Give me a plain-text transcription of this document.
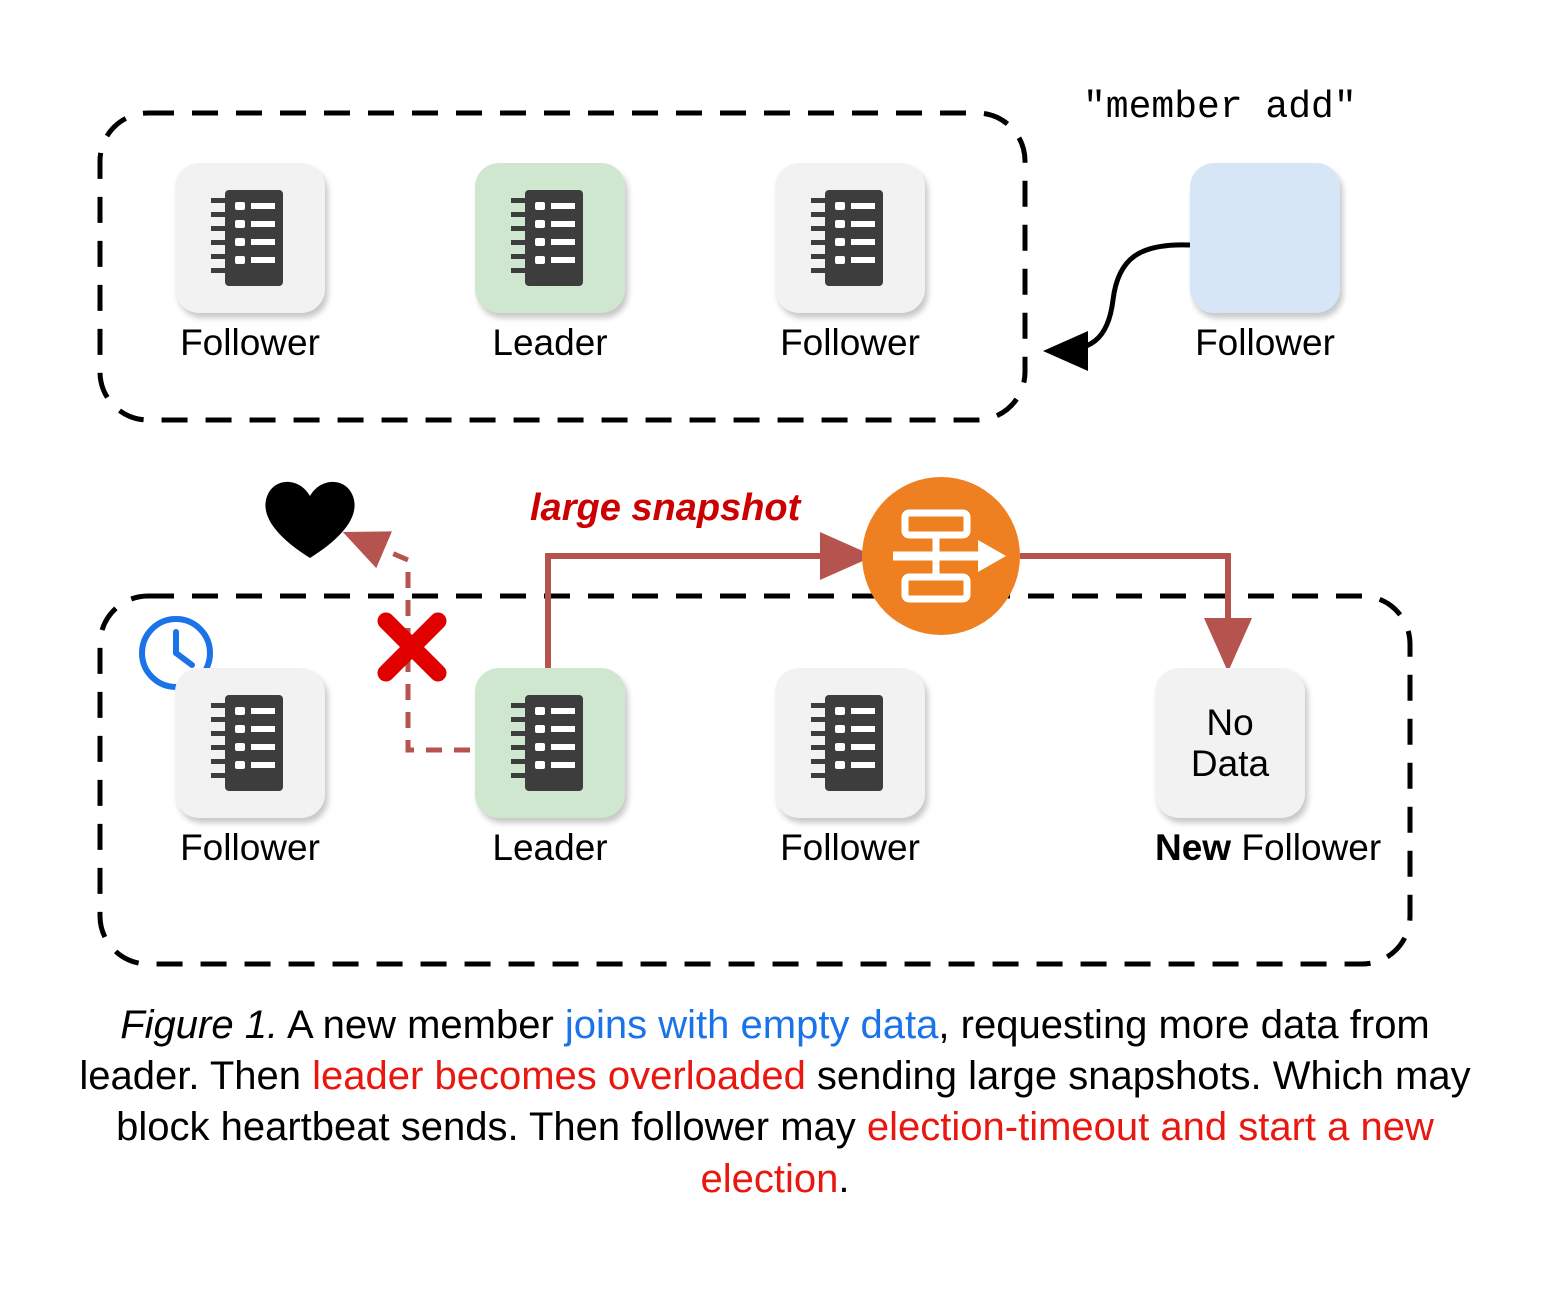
Follower	Leader	Follower
"member add"
Follower
large snapshot
Follower	Leader	Follower
No
Data
New Follower
Figure 1. A new member joins with empty data, requesting more data from leader. Then leader becomes overloaded sending large snapshots. Which may block heartbeat sends. Then follower may election-timeout and start a new election.
